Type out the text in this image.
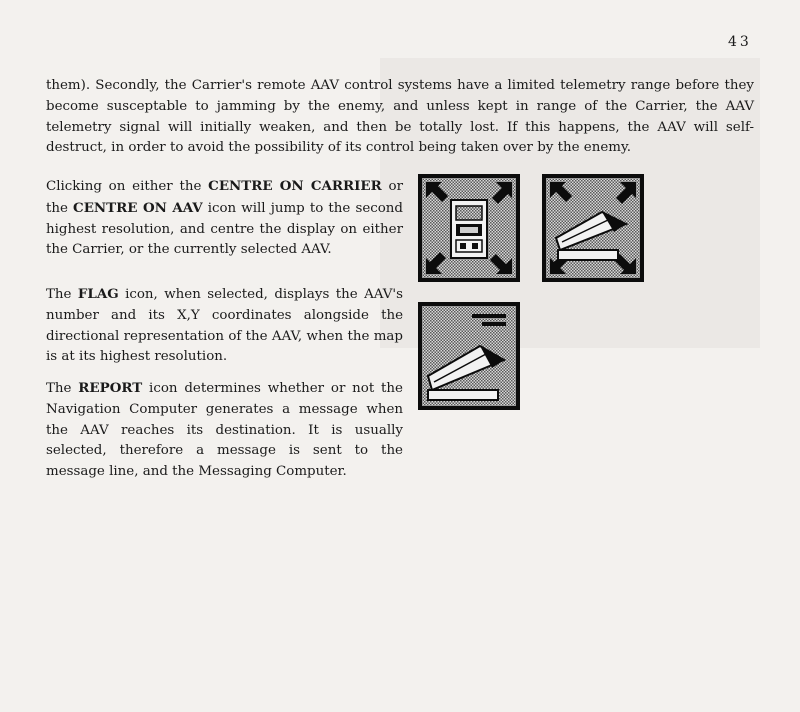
43

them). Secondly, the Carrier's remote AAV control systems have a limited telemetry range before they become susceptable to jamming by the enemy, and unless kept in range of the Carrier, the AAV telemetry signal will initially weaken, and then be totally lost. If this happens, the AAV will self-destruct, in order to avoid the possibility of its control being taken over by the enemy.

Clicking on either the CENTRE ON CARRIER or the CENTRE ON AAV icon will jump to the second highest resolution, and centre the display on either the Carrier, or the currently selected AAV.

The FLAG icon, when selected, displays the AAV's number and its X,Y coordinates alongside the directional representation of the AAV, when the map is at its highest resolution.

The REPORT icon determines whether or not the Navigation Computer generates a message when the AAV reaches its destination. It is usually selected, therefore a message is sent to the message line, and the Messaging Computer.
